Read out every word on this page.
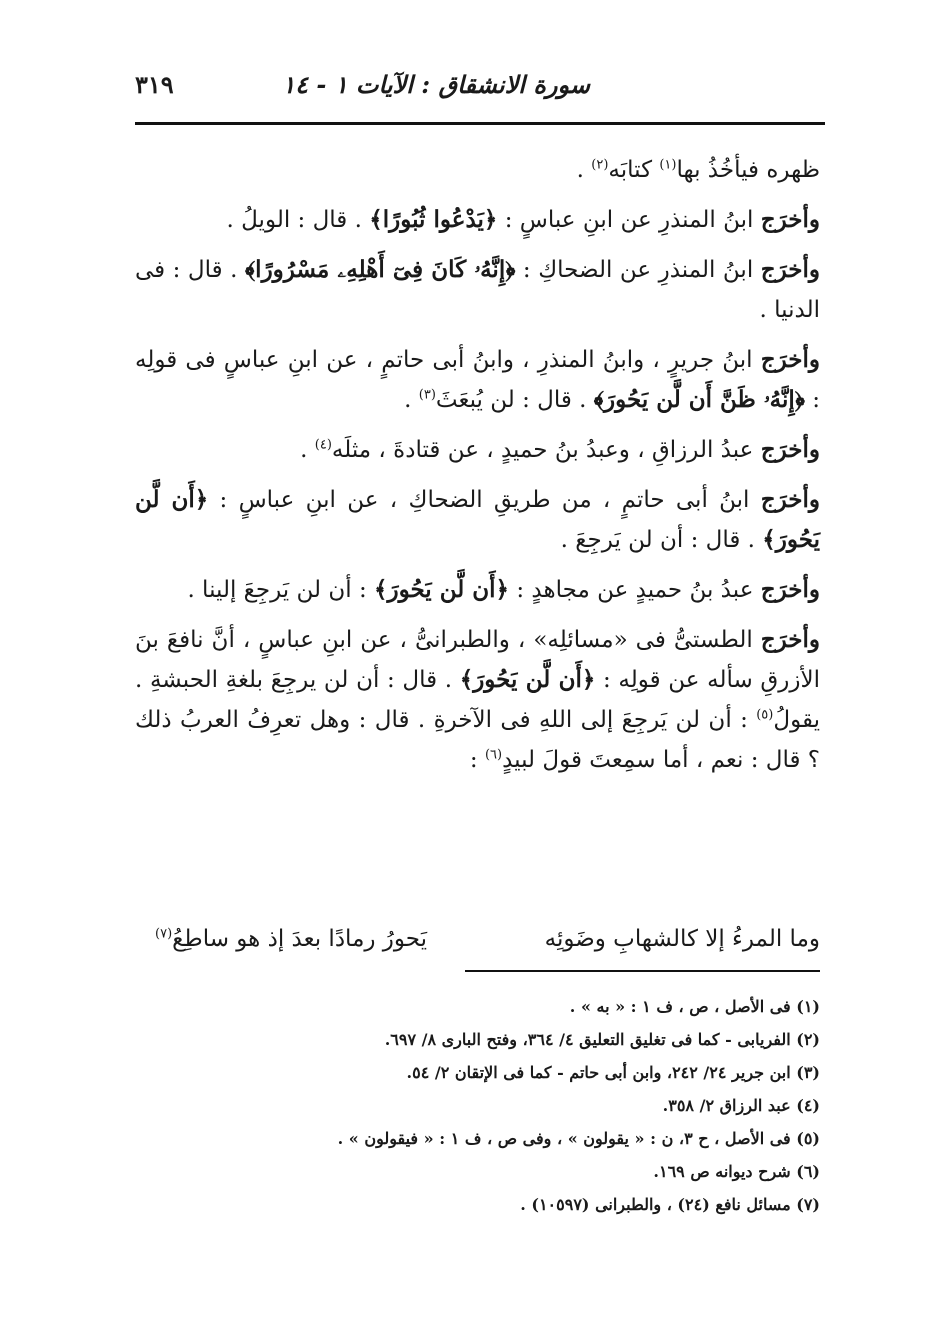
سورة الانشقاق : الآيات ١ - ١٤
٣١٩

ظهره فيأخُذُ بها$^{(١)}$ كتابَه$^{(٢)}$ .

وأخرَج ابنُ المنذرِ عن ابنِ عباسٍ : ﴿يَدْعُوا ثُبُورًا﴾ . قال : الويلُ .

وأخرَج ابنُ المنذرِ عن الضحاكِ : ﴿إِنَّهُۥ كَانَ فِىٓ أَهْلِهِۦ مَسْرُورًا﴾ . قال : فى الدنيا .

وأخرَج ابنُ جريرٍ ، وابنُ المنذرِ ، وابنُ أبى حاتمٍ ، عن ابنِ عباسٍ فى قولِه : ﴿إِنَّهُۥ ظَنَّ أَن لَّن يَحُورَ﴾ . قال : لن يُبعَثَ$^{(٣)}$ .

وأخرَج عبدُ الرزاقِ ، وعبدُ بنُ حميدٍ ، عن قتادةَ ، مثلَه$^{(٤)}$ .

وأخرَج ابنُ أبى حاتمٍ ، من طريقِ الضحاكِ ، عن ابنِ عباسٍ : ﴿أَن لَّن يَحُورَ﴾ . قال : أن لن يَرجِعَ .

وأخرَج عبدُ بنُ حميدٍ عن مجاهدٍ : ﴿أَن لَّن يَحُورَ﴾ : أن لن يَرجِعَ إلينا .

وأخرَج الطستىُّ فى «مسائلِه» ، والطبرانىُّ ، عن ابنِ عباسٍ ، أنَّ نافعَ بنَ الأزرقِ سأله عن قولِه : ﴿أَن لَّن يَحُورَ﴾ . قال : أن لن يرجِعَ بلغةِ الحبشةِ . يقولُ$^{(٥)}$ : أن لن يَرجِعَ إلى اللهِ فى الآخرةِ . قال : وهل تعرِفُ العربُ ذلك ؟ قال : نعم ، أما سمِعتَ قولَ لبيدٍ$^{(٦)}$ :

وما المرءُ إلا كالشهابِ وضَوئِه
يَحورُ رمادًا بعدَ إذ هو ساطِعُ$^{(٧)}$
(١) فى الأصل ، ص ، ف ١ : « به » .
(٢) الفريابى - كما فى تغليق التعليق ٤/ ٣٦٤، وفتح البارى ٨/ ٦٩٧.
(٣) ابن جرير ٢٤/ ٢٤٢، وابن أبى حاتم - كما فى الإتقان ٢/ ٥٤.
(٤) عبد الرزاق ٢/ ٣٥٨.
(٥) فى الأصل ، ح ٣، ن : « يقولون » ، وفى ص ، ف ١ : « فيقولون » .
(٦) شرح ديوانه ص ١٦٩.
(٧) مسائل نافع (٢٤) ، والطبرانى (١٠٥٩٧) .
